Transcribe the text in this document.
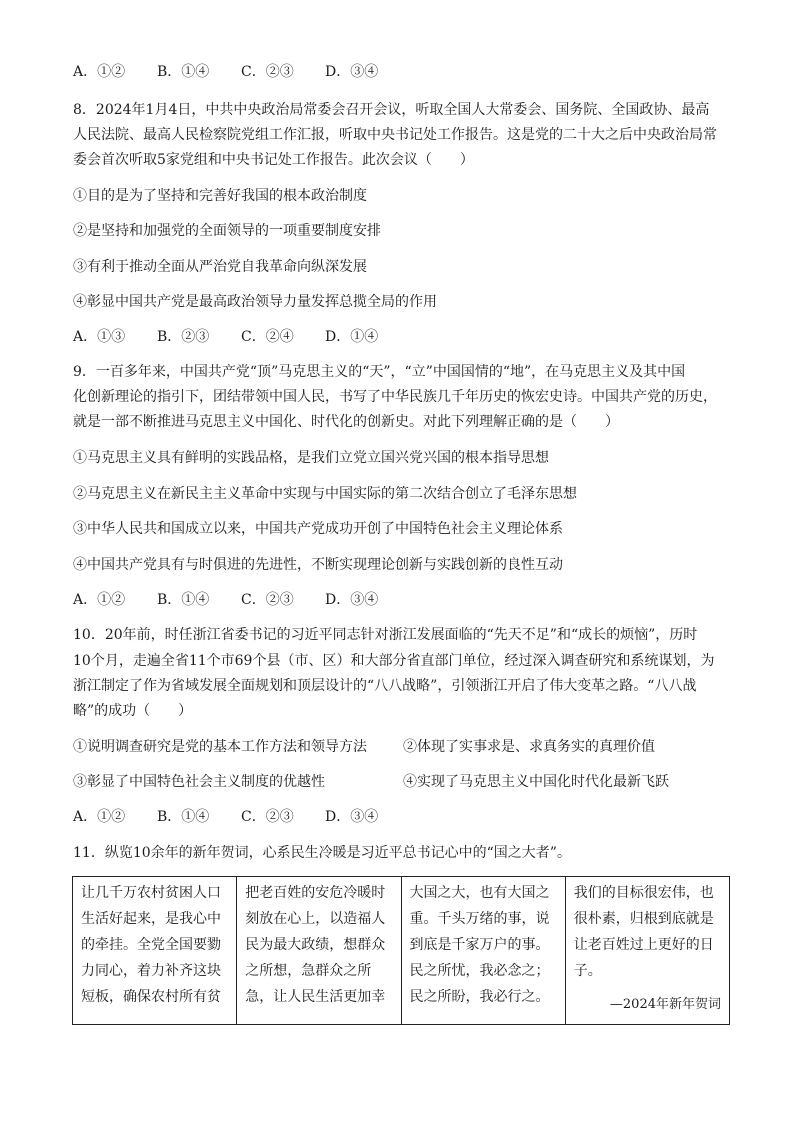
A．①②	B．①④	C．②③	D．③④
8．2024年1月4日，中共中央政治局常委会召开会议，听取全国人大常委会、国务院、全国政协、最高
人民法院、最高人民检察院党组工作汇报，听取中央书记处工作报告。这是党的二十大之后中央政治局常
委会首次听取5家党组和中央书记处工作报告。此次会议（　　）
①目的是为了坚持和完善好我国的根本政治制度
②是坚持和加强党的全面领导的一项重要制度安排
③有利于推动全面从严治党自我革命向纵深发展
④彰显中国共产党是最高政治领导力量发挥总揽全局的作用
A．①③	B．②③	C．②④	D．①④
9．一百多年来，中国共产党“顶”马克思主义的“天”，“立”中国国情的“地”，在马克思主义及其中国
化创新理论的指引下，团结带领中国人民，书写了中华民族几千年历史的恢宏史诗。中国共产党的历史，
就是一部不断推进马克思主义中国化、时代化的创新史。对此下列理解正确的是（　　）
①马克思主义具有鲜明的实践品格，是我们立党立国兴党兴国的根本指导思想
②马克思主义在新民主主义革命中实现与中国实际的第二次结合创立了毛泽东思想
③中华人民共和国成立以来，中国共产党成功开创了中国特色社会主义理论体系
④中国共产党具有与时俱进的先进性，不断实现理论创新与实践创新的良性互动
A．①②	B．①④	C．②③	D．③④
10．20年前，时任浙江省委书记的习近平同志针对浙江发展面临的“先天不足”和“成长的烦恼”，历时
10个月，走遍全省11个市69个县（市、区）和大部分省直部门单位，经过深入调查研究和系统谋划，为
浙江制定了作为省域发展全面规划和顶层设计的“八八战略”，引领浙江开启了伟大变革之路。“八八战
略”的成功（　　）
①说明调查研究是党的基本工作方法和领导方法	②体现了实事求是、求真务实的真理价值
③彰显了中国特色社会主义制度的优越性	④实现了马克思主义中国化时代化最新飞跃
A．①②	B．①④	C．②③	D．③④
11．纵览10余年的新年贺词，心系民生冷暖是习近平总书记心中的“国之大者”。
让几千万农村贫困人口生活好起来，是我心中的牵挂。全党全国要勠力同心，着力补齐这块短板，确保农村所有贫	把老百姓的安危冷暖时刻放在心上，以造福人民为最大政绩，想群众之所想，急群众之所急，让人民生活更加幸	大国之大，也有大国之重。千头万绪的事，说到底是千家万户的事。民之所忧，我必念之；民之所盼，我必行之。	我们的目标很宏伟，也很朴素，归根到底就是让老百姓过上更好的日子。
—2024年新年贺词
